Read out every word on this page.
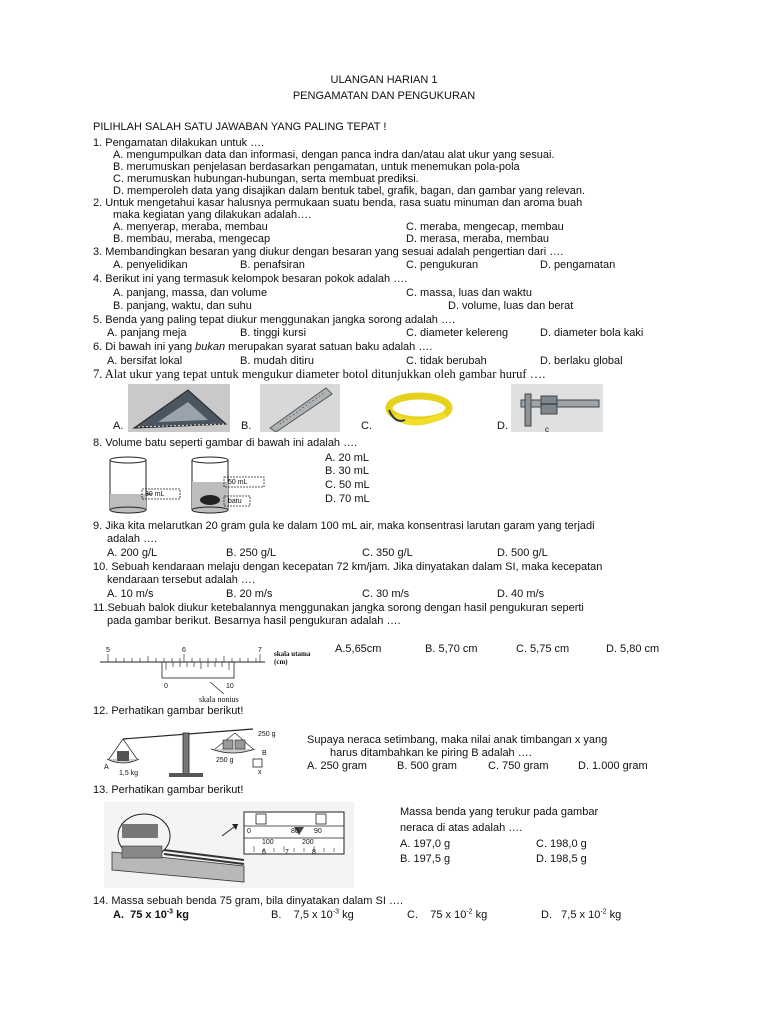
ULANGAN HARIAN 1
PENGAMATAN DAN PENGUKURAN
PILIHLAH SALAH SATU JAWABAN YANG PALING TEPAT !
1. Pengamatan dilakukan untuk ….
A. mengumpulkan data dan informasi, dengan panca indra dan/atau alat ukur yang sesuai.
B. merumuskan penjelasan berdasarkan pengamatan, untuk menemukan pola-pola
C. merumuskan hubungan-hubungan, serta membuat prediksi.
D. memperoleh data yang disajikan dalam bentuk tabel, grafik, bagan, dan gambar yang relevan.
2. Untuk mengetahui kasar halusnya permukaan suatu benda, rasa suatu minuman dan aroma buah
maka kegiatan yang dilakukan adalah….
A. menyerap, meraba, membau
B. membau, meraba, mengecap
C. meraba, mengecap, membau
D. merasa, meraba, membau
3. Membandingkan besaran yang diukur dengan besaran yang sesuai adalah pengertian dari ….
A. penyelidikan	B. penafsiran	C. pengukuran	D. pengamatan
4. Berikut ini yang termasuk kelompok besaran pokok adalah ….
A. panjang, massa, dan volume
B. panjang, waktu, dan suhu
C. massa, luas dan waktu
D. volume, luas dan berat
5. Benda yang paling tepat diukur menggunakan jangka sorong adalah ….
A. panjang meja	B. tinggi kursi	C. diameter kelereng	D. diameter bola kaki
6. Di bawah ini yang bukan merupakan syarat satuan baku adalah ….
A. bersifat lokal	B. mudah ditiru	C. tidak berubah	D. berlaku global
7. Alat ukur yang tepat untuk mengukur diameter botol ditunjukkan oleh gambar huruf ….
A.	B.	C.	D.	c
8. Volume batu seperti gambar di bawah ini adalah ….
30 mL
50 mL
batu
A. 20 mL
B. 30 mL
C. 50 mL
D. 70 mL
9. Jika kita melarutkan 20 gram gula ke dalam 100 mL air, maka konsentrasi larutan garam yang terjadi
adalah ….
A. 200 g/L	B. 250 g/L	C. 350 g/L	D. 500 g/L
10. Sebuah kendaraan melaju dengan kecepatan 72 km/jam. Jika dinyatakan dalam SI, maka kecepatan
kendaraan tersebut adalah ….
A. 10 m/s	B. 20 m/s	C. 30 m/s	D. 40 m/s
11.Sebuah balok diukur ketebalannya menggunakan jangka sorong dengan hasil pengukuran seperti
pada gambar berikut. Besarnya hasil pengukuran adalah ….
5	6	7
0	10
skala utama
(cm)
skala nonius
A.5,65cm	B. 5,70 cm	C. 5,75 cm	D. 5,80 cm
12. Perhatikan gambar berikut!
250 g
250 g
1,5 kg
A
B
x
Supaya neraca setimbang, maka nilai anak timbangan x yang
harus ditambahkan ke piring B adalah ….
A. 250 gram	B. 500 gram	C. 750 gram	D. 1.000 gram
13. Perhatikan gambar berikut!
0	80 90
100	200
6	7	8
Massa benda yang terukur pada gambar
neraca di atas adalah ….
A. 197,0 g
B. 197,5 g
C. 198,0 g
D. 198,5 g
14. Massa sebuah benda 75 gram, bila dinyatakan dalam SI ….
A. 75 x $10^{-3}$ kg	B. 7,5 x $10^{-3}$ kg	C. 75 x $10^{-2}$ kg	D. 7,5 x $10^{-2}$ kg
